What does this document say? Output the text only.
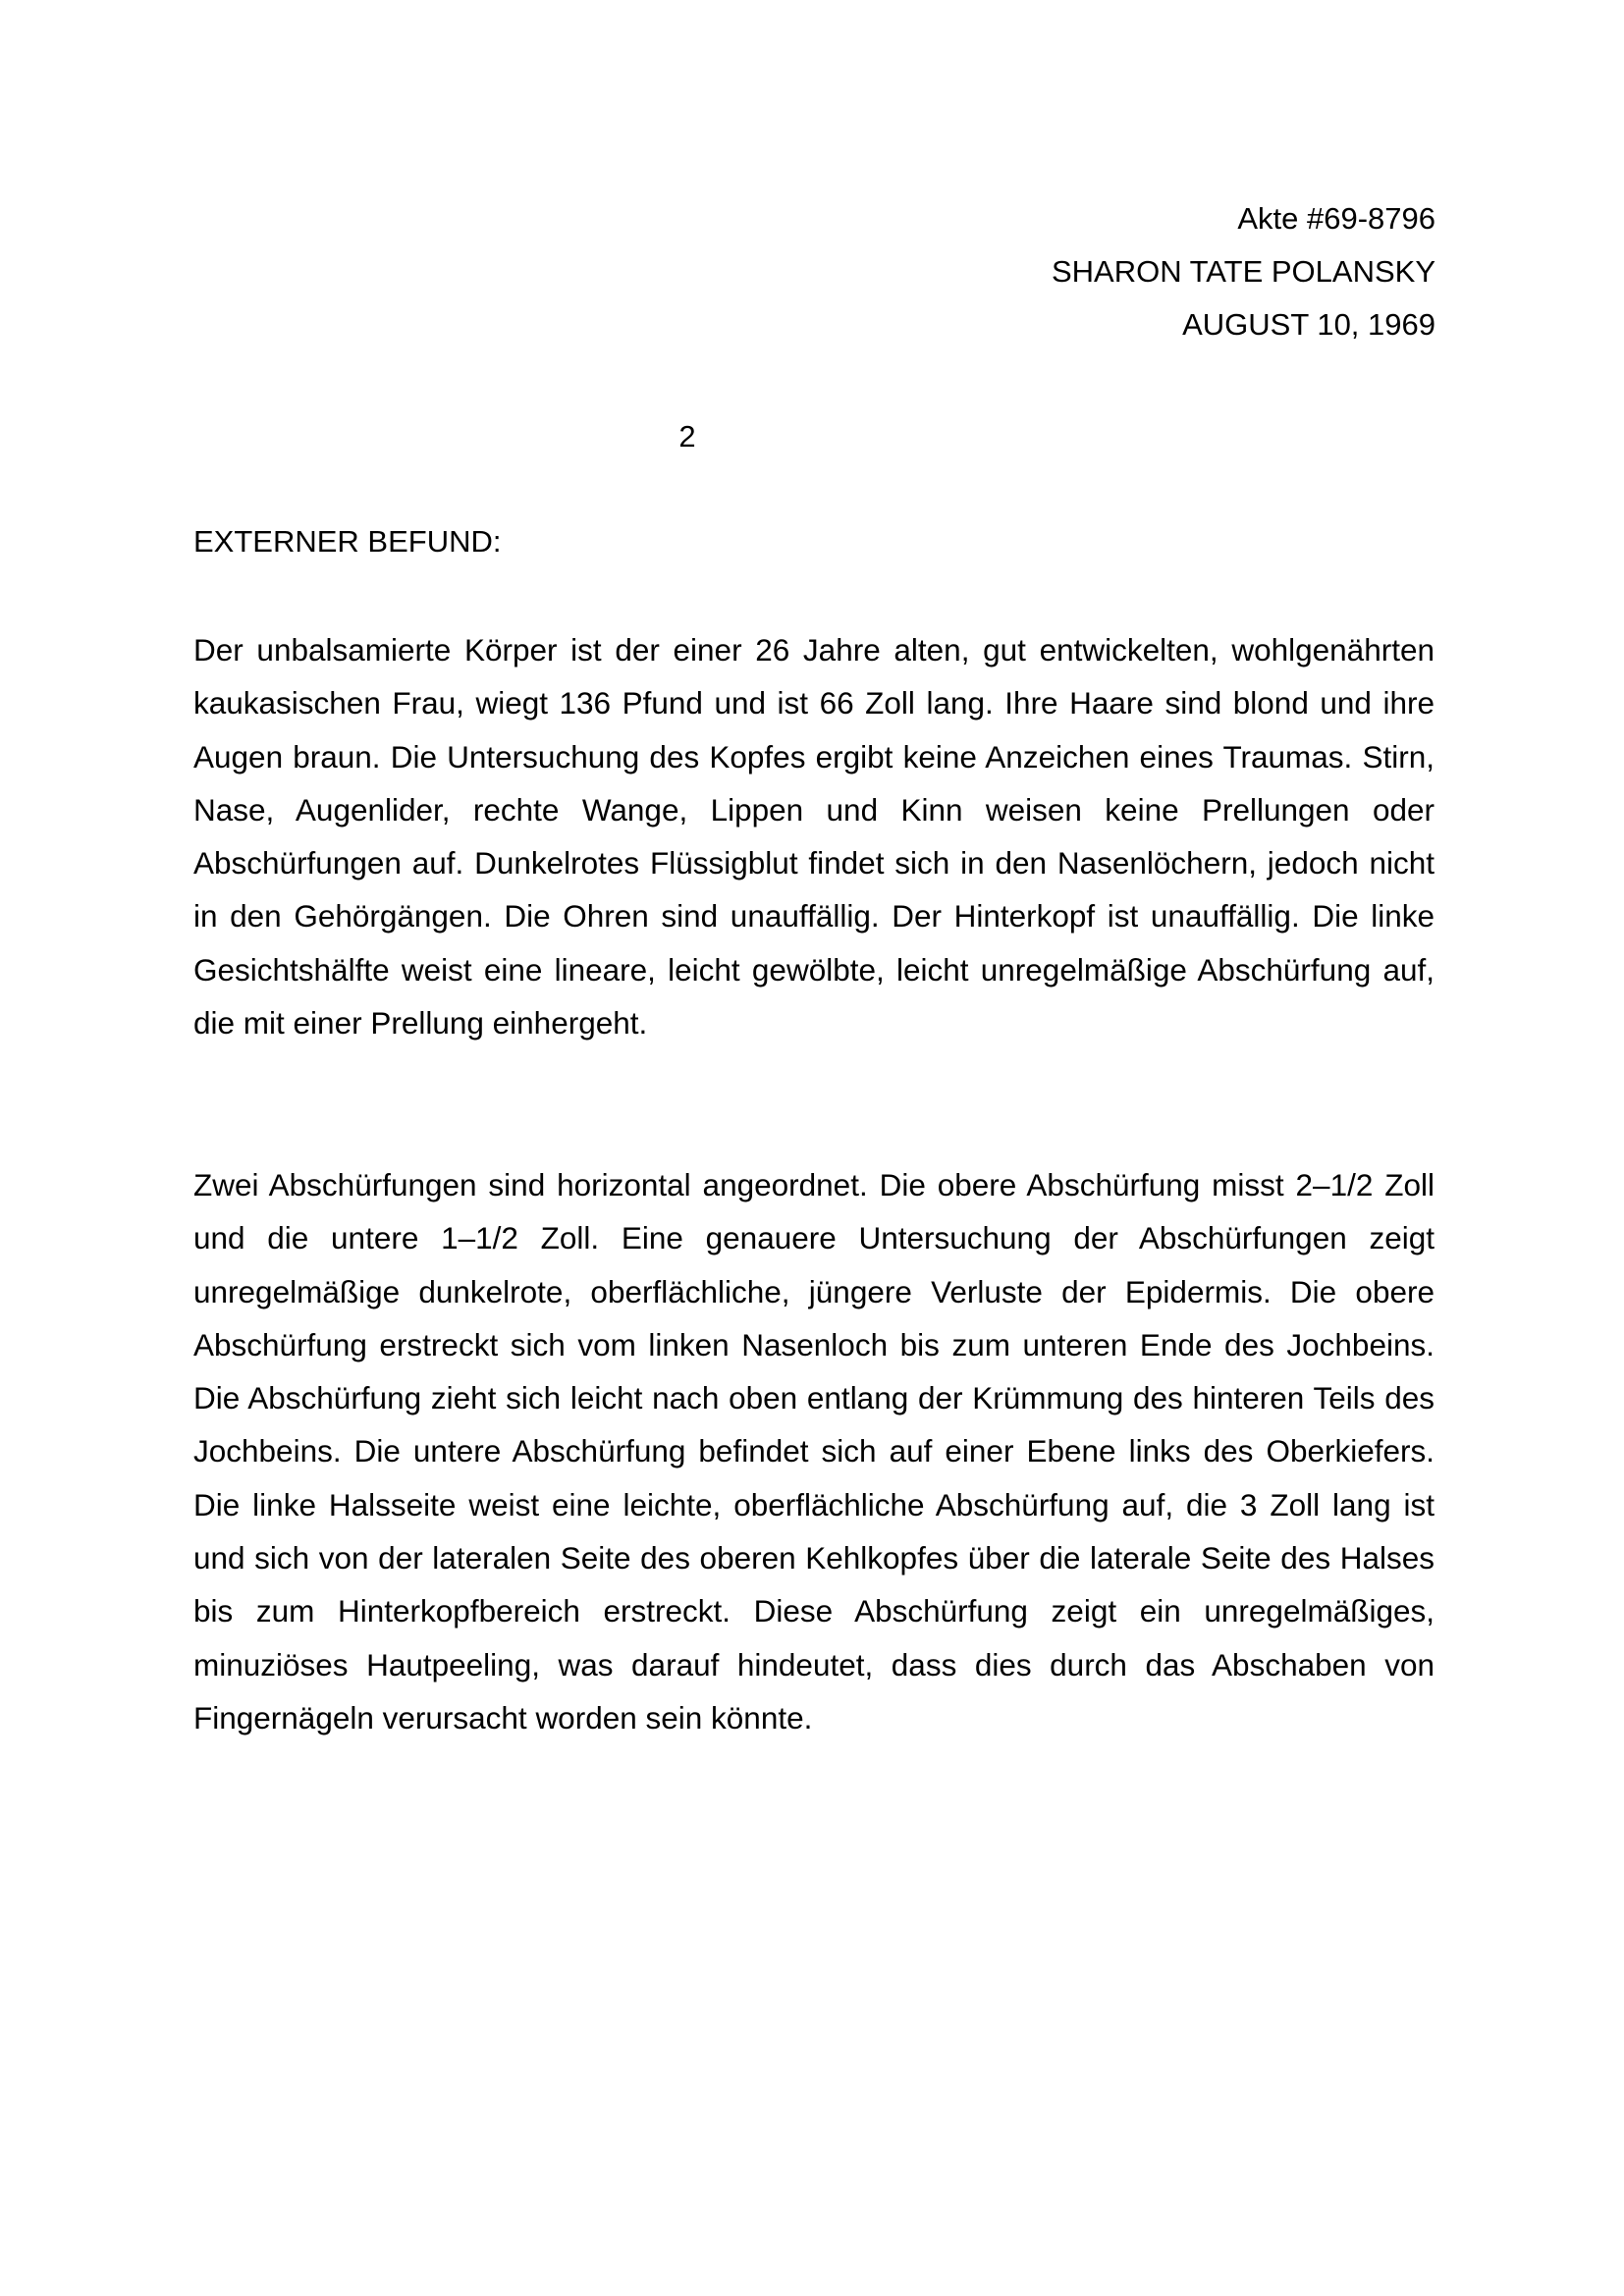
Akte #69-8796
SHARON TATE POLANSKY
AUGUST 10, 1969
2
EXTERNER BEFUND:

Der unbalsamierte Körper ist der einer 26 Jahre alten, gut entwickelten, wohlgenährten kaukasischen Frau, wiegt 136 Pfund und ist 66 Zoll lang. Ihre Haare sind blond und ihre Augen braun. Die Untersuchung des Kopfes ergibt keine Anzeichen eines Traumas. Stirn, Nase, Augenlider, rechte Wange, Lippen und Kinn weisen keine Prellungen oder Abschürfungen auf. Dunkelrotes Flüssigblut findet sich in den Nasenlöchern, jedoch nicht in den Gehörgängen. Die Ohren sind unauffällig. Der Hinterkopf ist unauffällig. Die linke Gesichtshälfte weist eine lineare, leicht gewölbte, leicht unregelmäßige Abschürfung auf, die mit einer Prellung einhergeht.

Zwei Abschürfungen sind horizontal angeordnet. Die obere Abschürfung misst 2–1/2 Zoll und die untere 1–1/2 Zoll. Eine genauere Untersuchung der Abschürfungen zeigt unregelmäßige dunkelrote, oberflächliche, jüngere Verluste der Epidermis. Die obere Abschürfung erstreckt sich vom linken Nasenloch bis zum unteren Ende des Jochbeins. Die Abschürfung zieht sich leicht nach oben entlang der Krümmung des hinteren Teils des Jochbeins. Die untere Abschürfung befindet sich auf einer Ebene links des Oberkiefers. Die linke Halsseite weist eine leichte, oberflächliche Abschürfung auf, die 3 Zoll lang ist und sich von der lateralen Seite des oberen Kehlkopfes über die laterale Seite des Halses bis zum Hinterkopfbereich erstreckt. Diese Abschürfung zeigt ein unregelmäßiges, minuziöses Hautpeeling, was darauf hindeutet, dass dies durch das Abschaben von Fingernägeln verursacht worden sein könnte.
